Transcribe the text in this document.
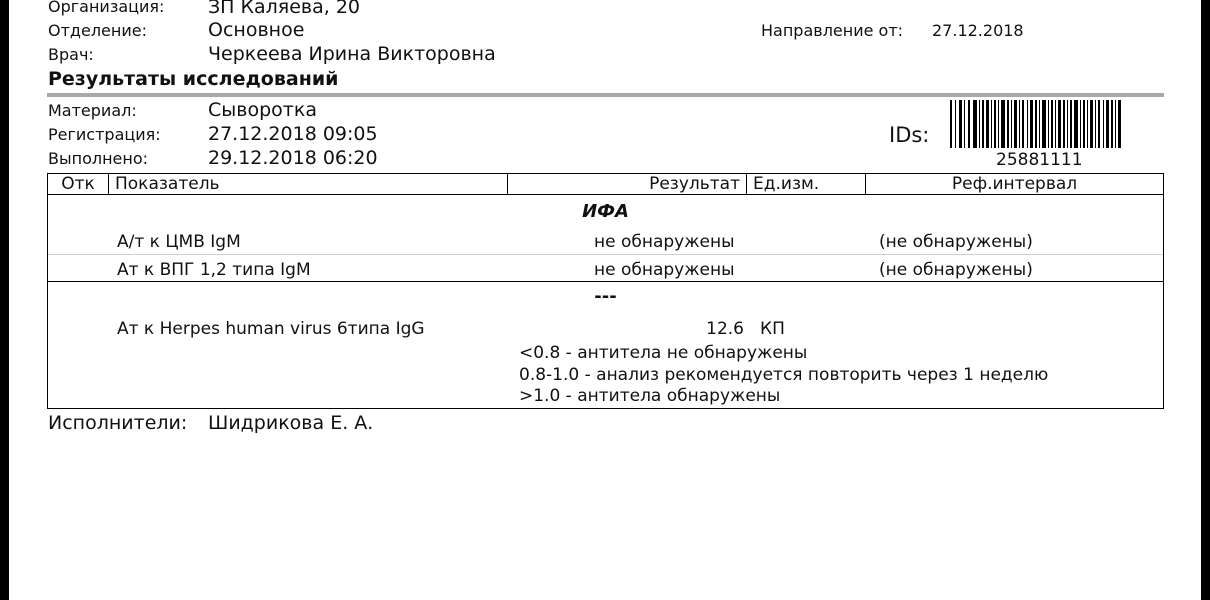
Организация: ЗП Каляева, 20
Отделение:	Основное	Направление от: 27.12.2018
Врач:	Черкеева Ирина Викторовна
Результаты исследований
Материал:	Сыворотка
Регистрация: 27.12.2018 09:05
Выполнено:	29.12.2018 06:20
IDs:
25881111
Отк	Показатель	Результат	Ед.изм.	Реф.интервал

ИФА
А/т к ЦМВ IgM	не обнаружены	(не обнаружены)
Ат к ВПГ 1,2 типа IgM	не обнаружены	(не обнаружены)

---
Ат к Herpes human virus 6типа IgG	12.6 КП
<0.8 - антитела не обнаружены
0.8-1.0 - анализ рекомендуется повторить через 1 неделю
>1.0 - антитела обнаружены
Исполнители: Шидрикова Е. А.
